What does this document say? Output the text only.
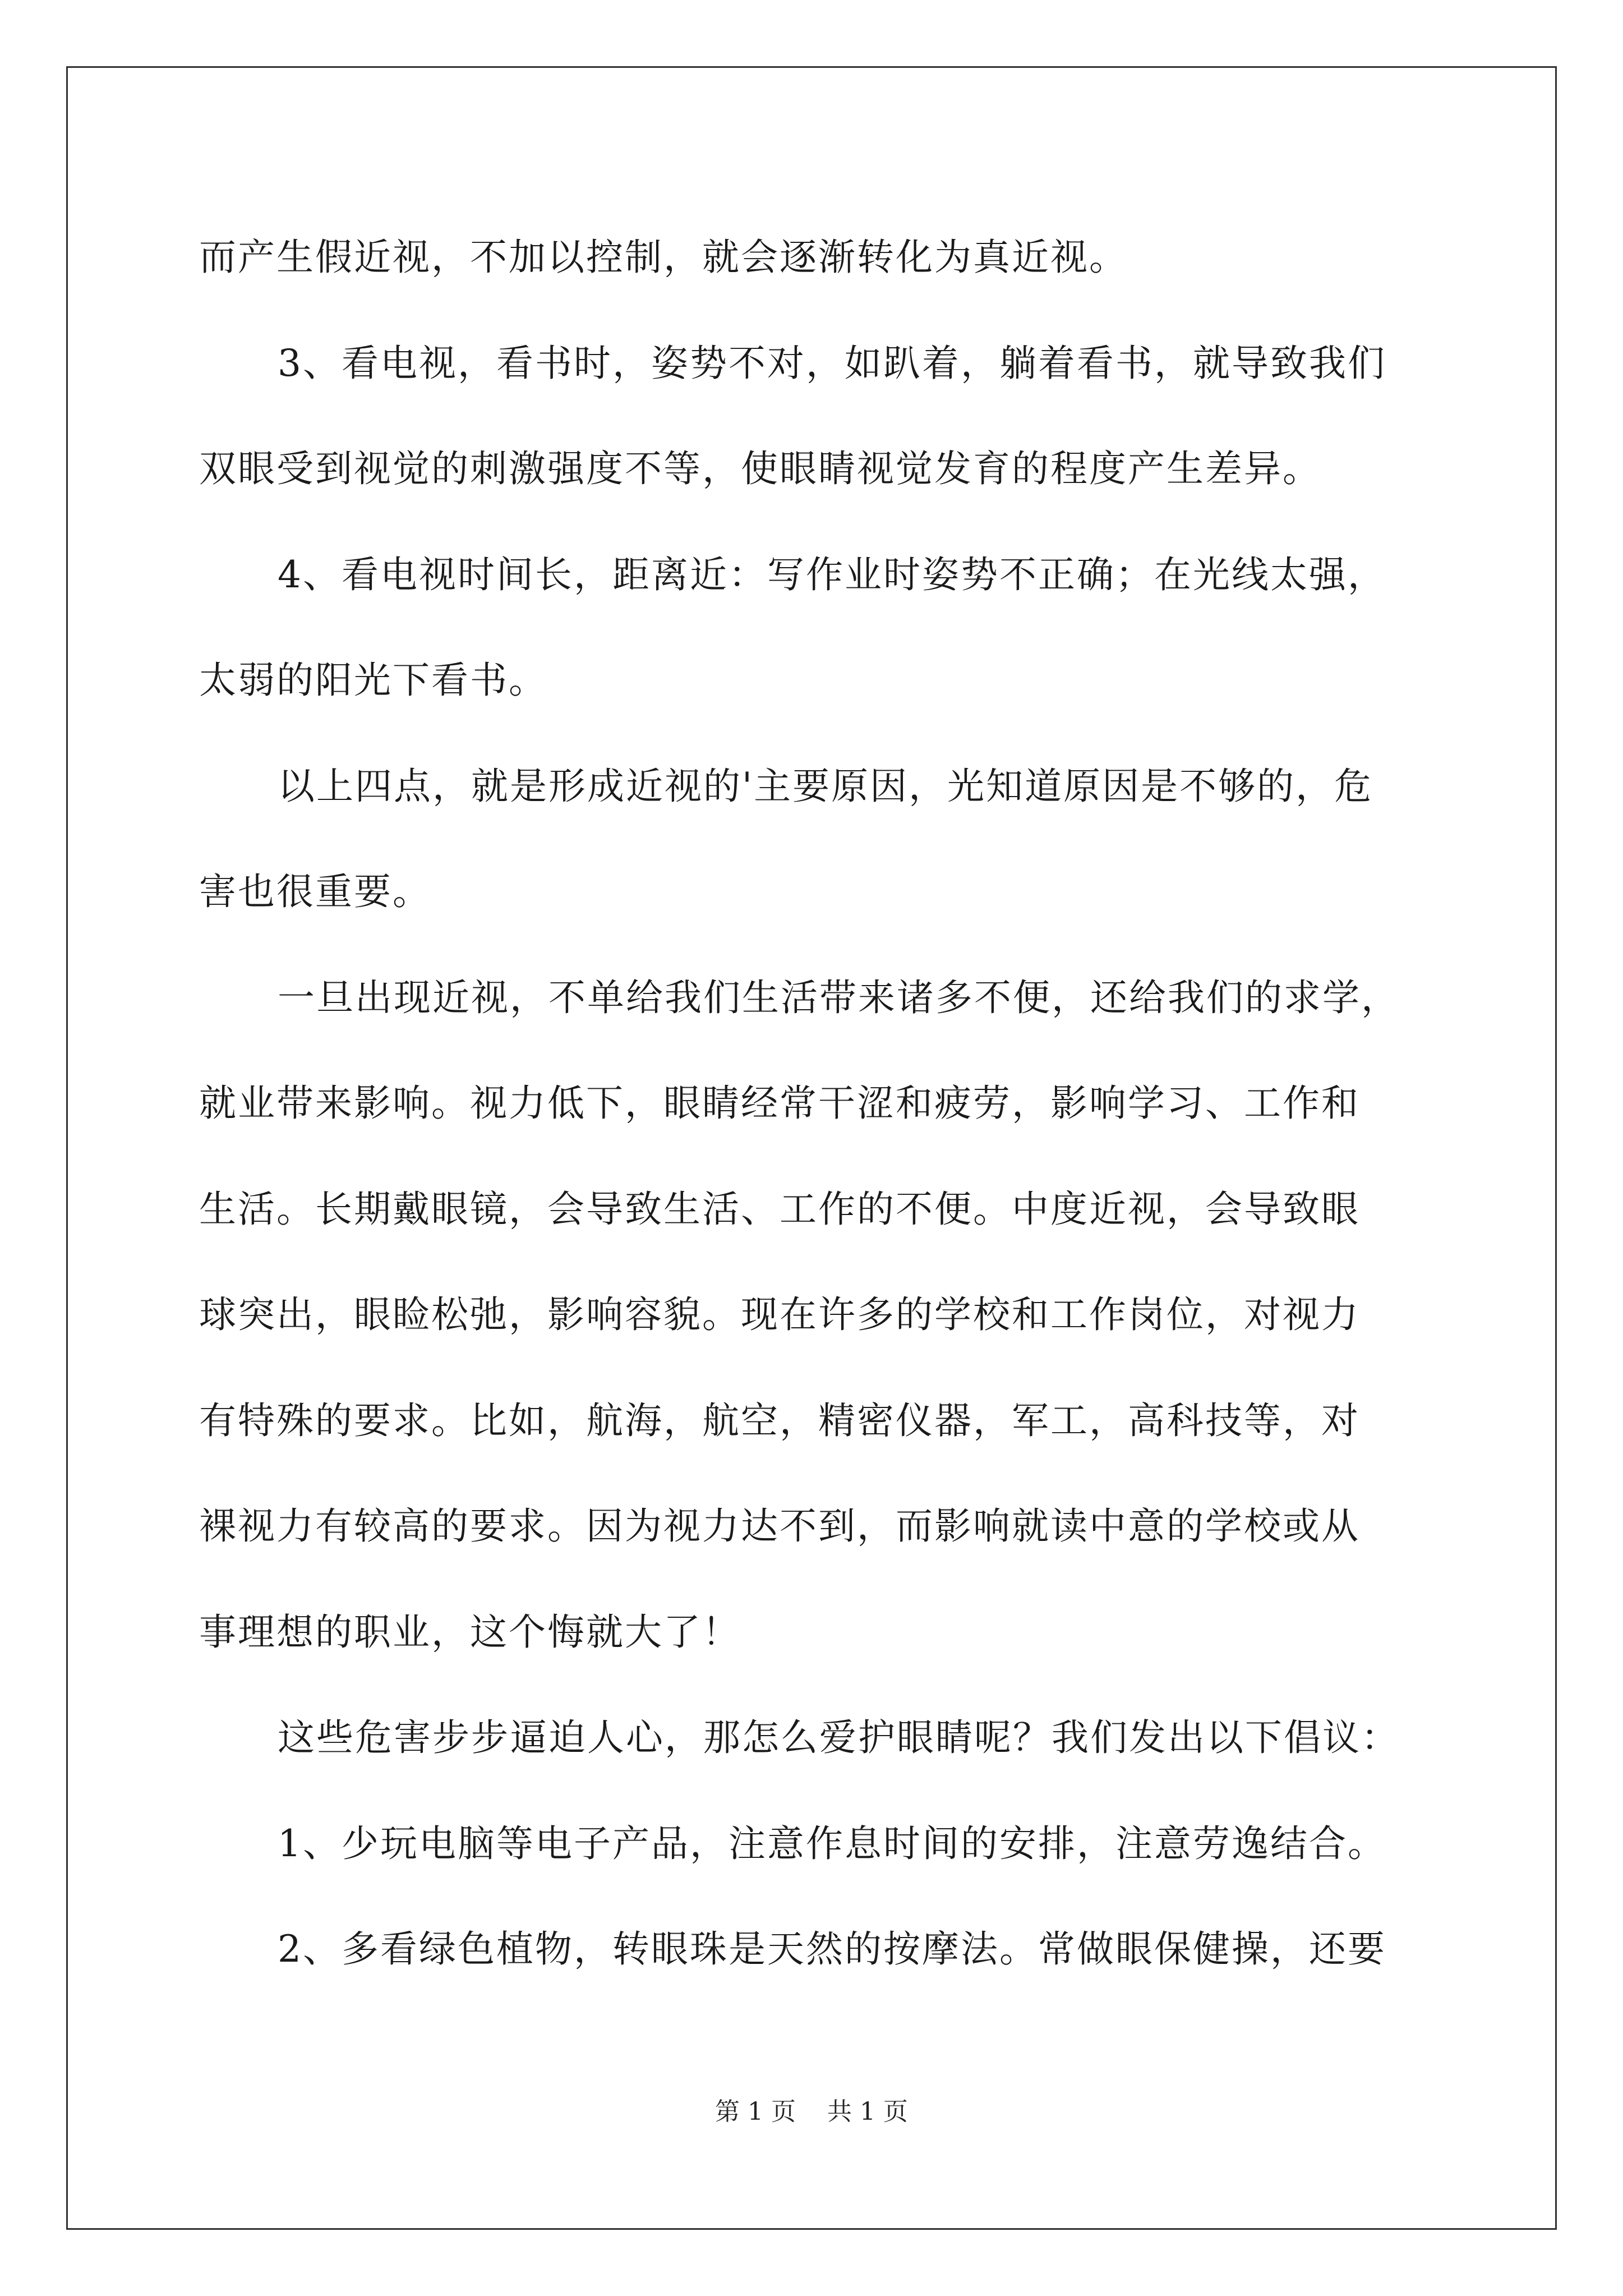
而产生假近视，不加以控制，就会逐渐转化为真近视。
3、看电视，看书时，姿势不对，如趴着，躺着看书，就导致我们
双眼受到视觉的刺激强度不等，使眼睛视觉发育的程度产生差异。
4、看电视时间长，距离近：写作业时姿势不正确；在光线太强，
太弱的阳光下看书。
以上四点，就是形成近视的'主要原因，光知道原因是不够的，危
害也很重要。
一旦出现近视，不单给我们生活带来诸多不便，还给我们的求学，
就业带来影响。视力低下，眼睛经常干涩和疲劳，影响学习、工作和
生活。长期戴眼镜，会导致生活、工作的不便。中度近视，会导致眼
球突出，眼睑松弛，影响容貌。现在许多的学校和工作岗位，对视力
有特殊的要求。比如，航海，航空，精密仪器，军工，高科技等，对
裸视力有较高的要求。因为视力达不到，而影响就读中意的学校或从
事理想的职业，这个悔就大了！
这些危害步步逼迫人心，那怎么爱护眼睛呢？我们发出以下倡议：
1、少玩电脑等电子产品，注意作息时间的安排，注意劳逸结合。
2、多看绿色植物，转眼珠是天然的按摩法。常做眼保健操，还要
第 1 页    共 1 页
